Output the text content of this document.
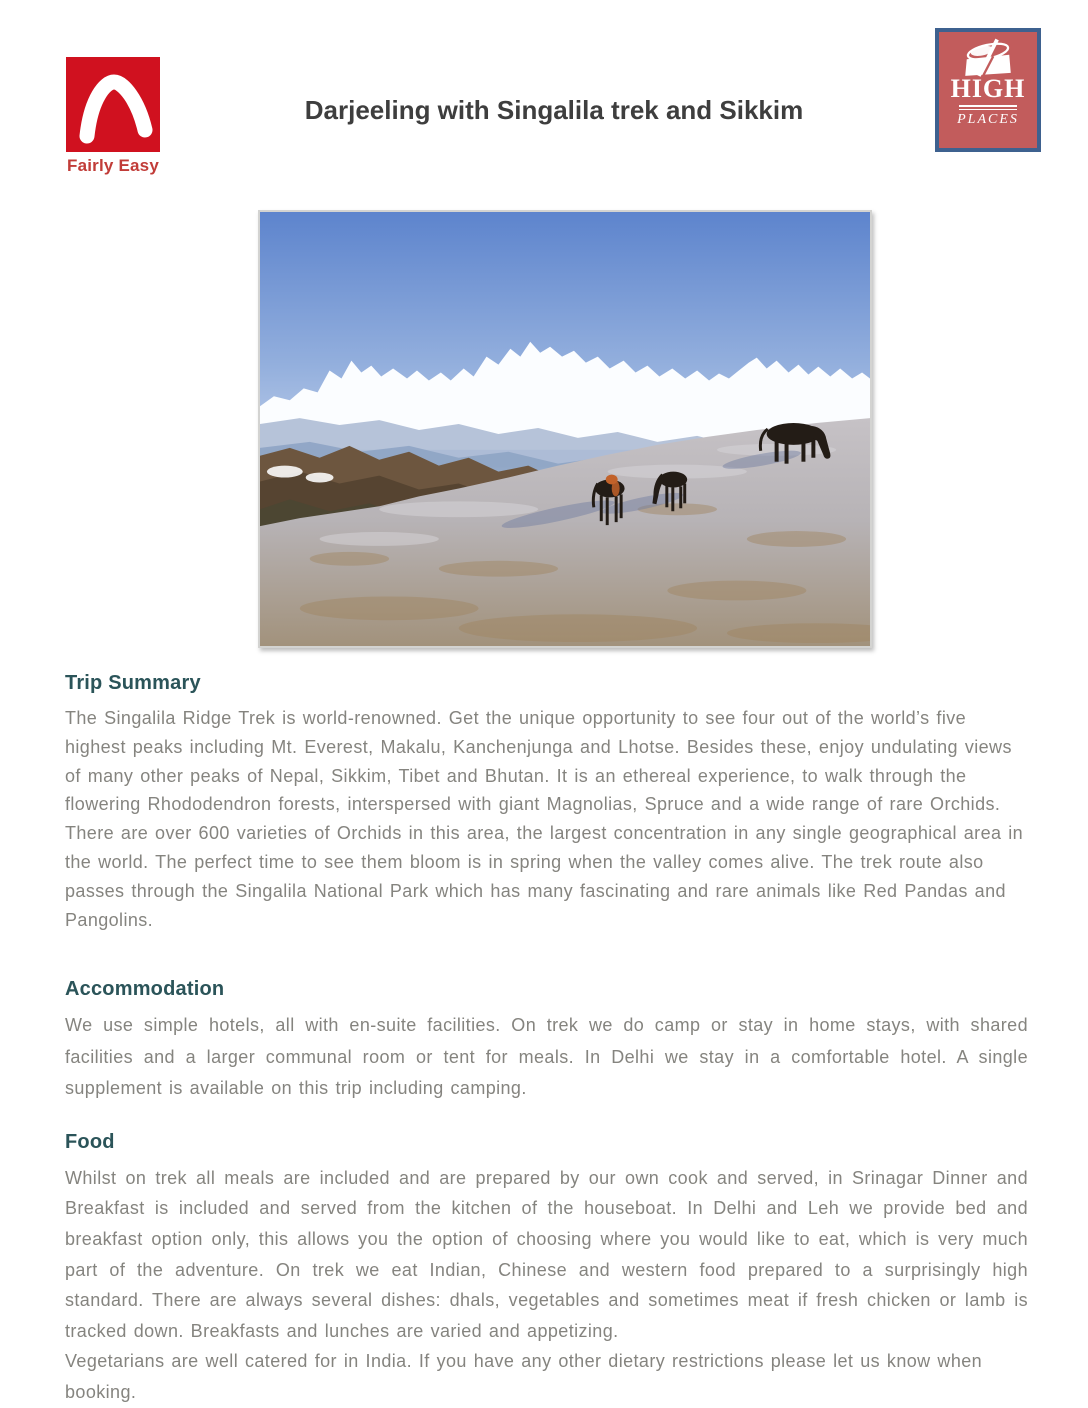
Fairly Easy
Darjeeling with Singalila trek and Sikkim
HIGH
PLACES
Trip Summary

The Singalila Ridge Trek is world-renowned. Get the unique opportunity to see four out of the world’s five highest peaks including Mt. Everest, Makalu, Kanchenjunga and Lhotse. Besides these, enjoy undulating views of many other peaks of Nepal, Sikkim, Tibet and Bhutan. It is an ethereal experience, to walk through the flowering Rhododendron forests, interspersed with giant Magnolias, Spruce and a wide range of rare Orchids. There are over 600 varieties of Orchids in this area, the largest concentration in any single geographical area in the world. The perfect time to see them bloom is in spring when the valley comes alive. The trek route also passes through the Singalila National Park which has many fascinating and rare animals like Red Pandas and Pangolins.

Accommodation

We use simple hotels, all with en-suite facilities. On trek we do camp or stay in home stays, with shared facilities and a larger communal room or tent for meals. In Delhi we stay in a comfortable hotel. A single supplement is available on this trip including camping.

Food

Whilst on trek all meals are included and are prepared by our own cook and served, in Srinagar Dinner and Breakfast is included and served from the kitchen of the houseboat. In Delhi and Leh we provide bed and breakfast option only, this allows you the option of choosing where you would like to eat, which is very much part of the adventure. On trek we eat Indian, Chinese and western food prepared to a surprisingly high standard. There are always several dishes: dhals, vegetables and sometimes meat if fresh chicken or lamb is tracked down. Breakfasts and lunches are varied and appetizing.

Vegetarians are well catered for in India. If you have any other dietary restrictions please let us know when booking.
